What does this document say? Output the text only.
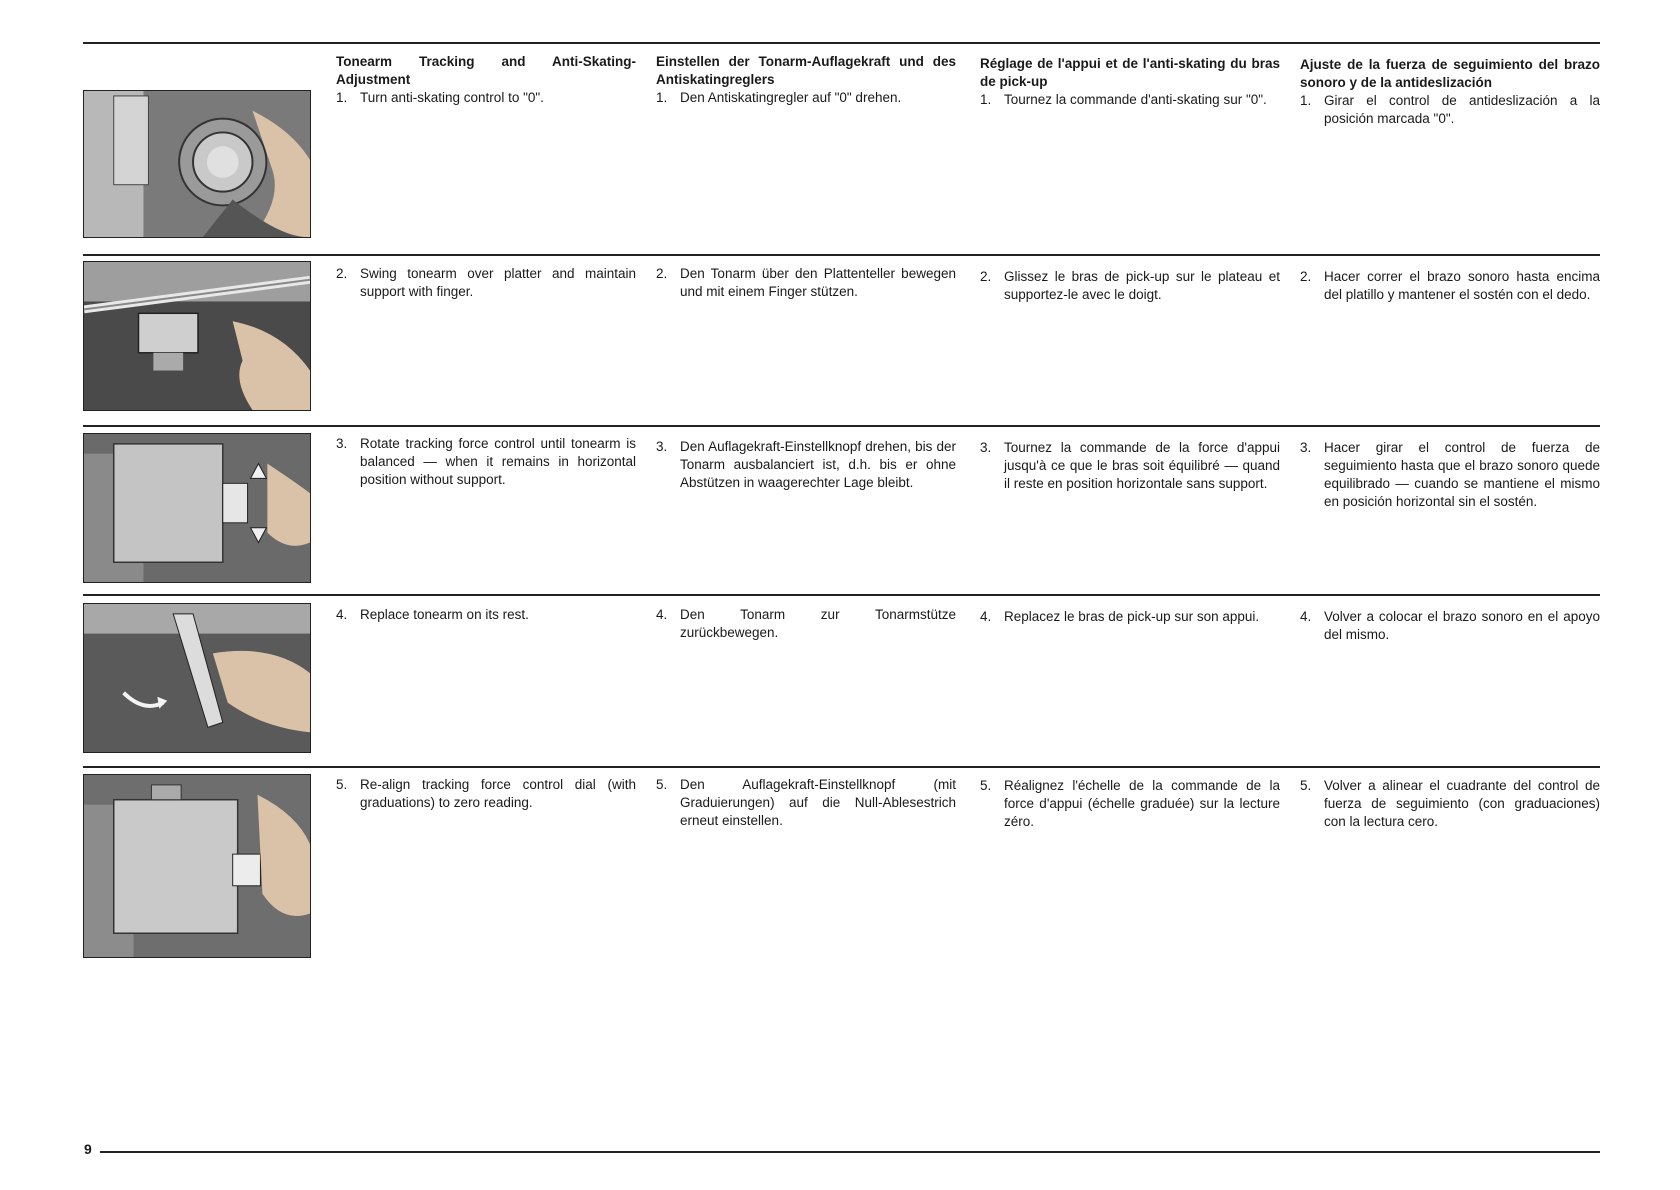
Tonearm Tracking and Anti-Skating-Adjustment

1. Turn anti-skating control to "0".

Einstellen der Tonarm-Auflagekraft und des Antiskatingreglers

1. Den Antiskatingregler auf "0" drehen.

Réglage de l'appui et de l'anti-skating du bras de pick-up

1. Tournez la commande d'anti-skating sur "0".

Ajuste de la fuerza de seguimiento del brazo sonoro y de la antideslización

1. Girar el control de antideslización a la posición marcada "0".
2. Swing tonearm over platter and maintain support with finger.
2. Den Tonarm über den Plattenteller bewegen und mit einem Finger stützen.
2. Glissez le bras de pick-up sur le plateau et supportez-le avec le doigt.
2. Hacer correr el brazo sonoro hasta encima del platillo y mantener el sostén con el dedo.
3. Rotate tracking force control until tonearm is balanced — when it remains in horizontal position without support.
3. Den Auflagekraft-Einstellknopf drehen, bis der Tonarm ausbalanciert ist, d.h. bis er ohne Abstützen in waagerechter Lage bleibt.
3. Tournez la commande de la force d'appui jusqu'à ce que le bras soit équilibré — quand il reste en position horizontale sans support.
3. Hacer girar el control de fuerza de seguimiento hasta que el brazo sonoro quede equilibrado — cuando se mantiene el mismo en posición horizontal sin el sostén.
4. Replace tonearm on its rest.	4. Den Tonarm zur Tonarmstütze zurückbewegen.
4. Replacez le bras de pick-up sur son appui.	4. Volver a colocar el brazo sonoro en el apoyo del mismo.
5. Re-align tracking force control dial (with graduations) to zero reading.
5. Den Auflagekraft-Einstellknopf (mit Graduierungen) auf die Null-Ablesestrich erneut einstellen.
5. Réalignez l'échelle de la commande de la force d'appui (échelle graduée) sur la lecture zéro.
5. Volver a alinear el cuadrante del control de fuerza de seguimiento (con graduaciones) con la lectura cero.
9
